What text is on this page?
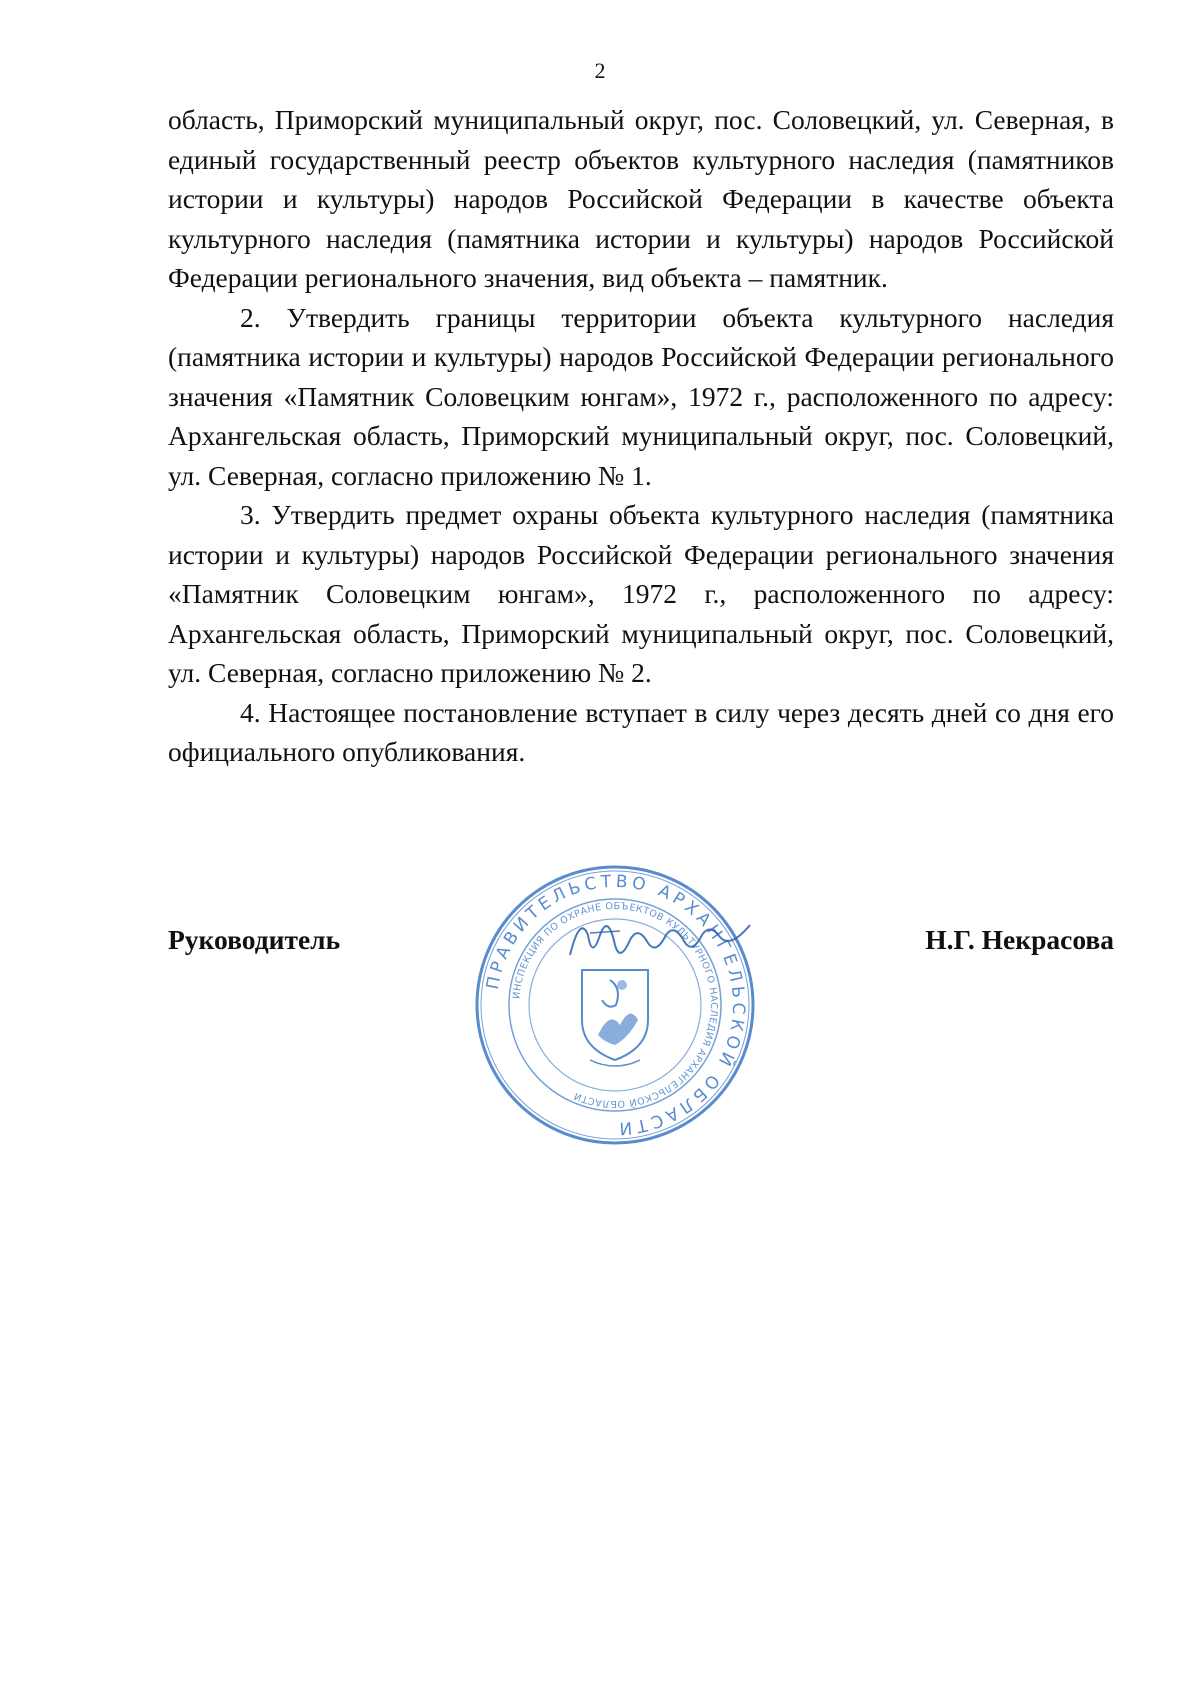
2

область, Приморский муниципальный округ, пос. Соловецкий, ул. Северная, в единый государственный реестр объектов культурного наследия (памятников истории и культуры) народов Российской Федерации в качестве объекта культурного наследия (памятника истории и культуры) народов Российской Федерации регионального значения, вид объекта – памятник.

2. Утвердить границы территории объекта культурного наследия (памятника истории и культуры) народов Российской Федерации регионального значения «Памятник Соловецким юнгам», 1972 г., расположенного по адресу: Архангельская область, Приморский муниципальный округ, пос. Соловецкий, ул. Северная, согласно приложению № 1.

3. Утвердить предмет охраны объекта культурного наследия (памятника истории и культуры) народов Российской Федерации регионального значения «Памятник Соловецким юнгам», 1972 г., расположенного по адресу: Архангельская область, Приморский муниципальный округ, пос. Соловецкий, ул. Северная, согласно приложению № 2.

4. Настоящее постановление вступает в силу через десять дней со дня его официального опубликования.

ПРАВИТЕЛЬСТВО АРХАНГЕЛЬСКОЙ ОБЛАСТИ
ИНСПЕКЦИЯ ПО ОХРАНЕ ОБЪЕКТОВ КУЛЬТУРНОГО НАСЛЕДИЯ АРХАНГЕЛЬСКОЙ ОБЛАСТИ
Руководитель	Н.Г. Некрасова
